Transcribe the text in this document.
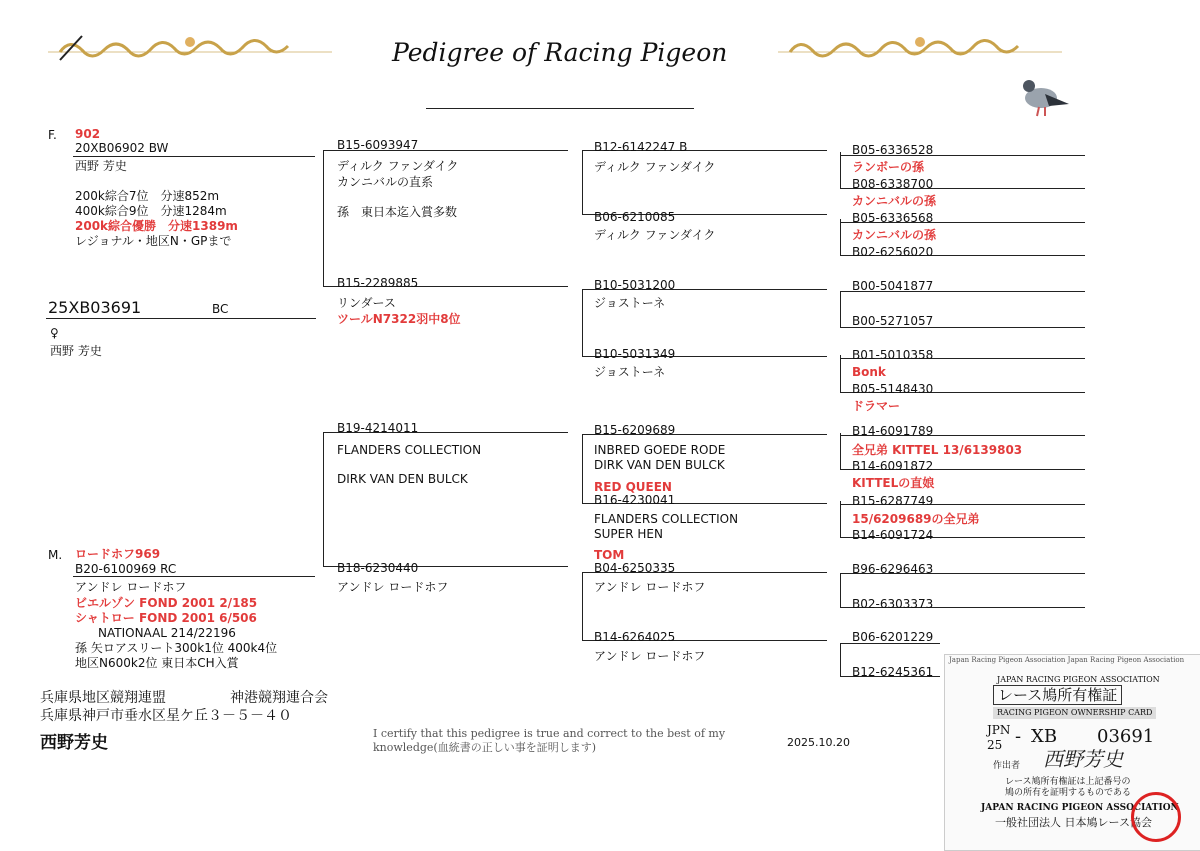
Pedigree of Racing Pigeon
F. 902
20XB06902 BW
西野 芳史
200k綜合7位　分速852m
400k綜合9位　分速1284m
200k綜合優勝　分速1389m
レジョナル・地区N・GPまで
25XB03691	BC
♀
西野 芳史
M. ロードホフ969
B20-6100969 RC
アンドレ ロードホフ
ビエルゾン FOND 2001 2/185
シャトロー FOND 2001 6/506
NATIONAAL 214/22196
孫 矢ロアスリート300k1位 400k4位
地区N600k2位 東日本CH入賞
B15-6093947
ディルク ファンダイク
カンニバルの直系
孫　東日本迄入賞多数
B15-2289885
リンダース
ツールN7322羽中8位
B19-4214011
FLANDERS COLLECTION
DIRK VAN DEN BULCK
B18-6230440
アンドレ ロードホフ
B12-6142247 B
ディルク ファンダイク
B06-6210085
ディルク ファンダイク
B10-5031200
ジョストーネ
B10-5031349
ジョストーネ
B15-6209689
INBRED GOEDE RODE
DIRK VAN DEN BULCK
RED QUEEN
B16-4230041
FLANDERS COLLECTION
SUPER HEN
TOM
B04-6250335
アンドレ ロードホフ
B14-6264025
アンドレ ロードホフ
B05-6336528
ランボーの孫
B08-6338700
カンニバルの孫
B05-6336568
カンニバルの孫
B02-6256020
B00-5041877
B00-5271057
B01-5010358
Bonk
B05-5148430
ドラマー
B14-6091789
全兄弟 KITTEL 13/6139803
B14-6091872
KITTELの直娘
B15-6287749
15/6209689の全兄弟
B14-6091724
B96-6296463
B02-6303373
B06-6201229
B12-6245361
兵庫県地区競翔連盟	神港競翔連合会
兵庫県神戸市垂水区星ケ丘３－５－４０
西野芳史	I certify that this pedigree is true and correct to the best of my
knowledge(血統書の正しい事を証明します)	2025.10.20
Japan Racing Pigeon Association Japan Racing Pigeon Association
JAPAN RACING PIGEON ASSOCIATION
レース鳩所有権証
RACING PIGEON OWNERSHIP CARD
JPN
25 - XB 03691
作出者 西野芳史
レース鳩所有権証は上記番号の
鳩の所有を証明するものである
JAPAN RACING PIGEON ASSOCIATION
一般社団法人 日本鳩レース協会
